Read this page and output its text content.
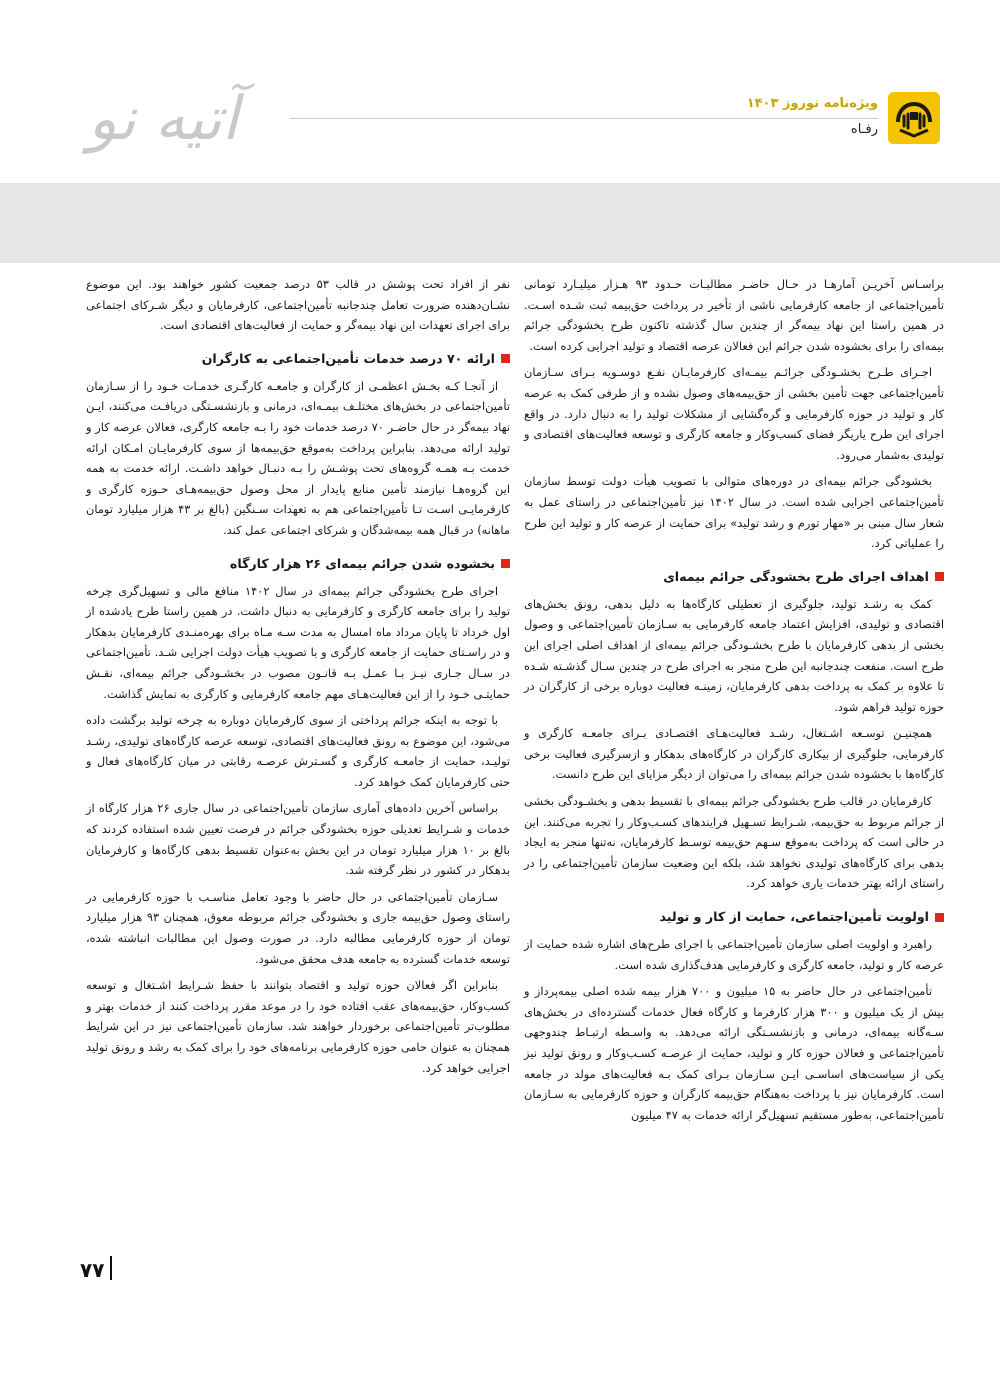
آتیه نو	ویژه‌نامه نوروز ۱۴۰۳
رفـاه

براسـاس آخریـن آمارهـا در حـال حاضـر مطالبـات حـدود ۹۳ هـزار میلیـارد تومانی تأمین‌اجتماعی از جامعه کارفرمایی ناشی از تأخیر در پرداخت حق‌بیمه ثبت شـده اسـت. در همین راستا این نهاد بیمه‌گر از چندین سال گذشته تاکنون طرح بخشودگی جرائم بیمه‌ای را برای بخشوده شدن جرائم این فعالان عرصه اقتصاد و تولید اجرایی کرده است.

اجـرای طـرح بخشـودگی جرائـم بیمـه‌ای کارفرمایـان نفـع دوسـویه بـرای سـازمان تأمین‌اجتماعی جهت تأمین بخشی از حق‌بیمه‌های وصول نشده و از طرفی کمک به عرصه کار و تولید در حوزه کارفرمایی و گره‌گشایی از مشکلات تولید را به دنبال دارد. در واقع اجرای این طرح یاریگر فضای کسب‌وکار و جامعه کارگری و توسعه فعالیت‌های اقتصادی و تولیدی به‌شمار می‌رود.

بخشودگی جرائم بیمه‌ای در دوره‌های متوالی با تصویب هیأت‌ دولت توسط سازمان تأمین‌اجتماعی اجرایی شده است. در سال ۱۴۰۲ نیز تأمین‌اجتماعی در راستای عمل به شعار سال مبنی بر «مهار تورم و رشد تولید» برای حمایت از عرصه کار و تولید این طرح را عملیاتی کرد.

اهداف اجرای طرح بخشودگی جرائم بیمه‌ای

کمک به رشـد تولید، جلوگیری از تعطیلی کارگاه‌ها به دلیل بدهی، رونق بخش‌های اقتصادی و تولیدی، افزایش اعتماد جامعه کارفرمایی به سـازمان تأمین‌اجتماعی و وصول بخشی از بدهی کارفرمایان با طرح بخشـودگی جرائم بیمه‌ای از اهداف اصلی اجرای این طرح است. منفعت چندجانبه این طرح منجر به اجرای طرح در چندین سـال گذشـته شـده تا علاوه بر کمک به پرداخت بدهی کارفرمایان، زمینـه فعالیت دوباره برخی از کارگران در حوزه تولید فراهم شود.

همچنیـن توسـعه اشـتغال، رشـد فعالیت‌هـای اقتصـادی بـرای جامعـه کارگری و کارفرمایی، جلوگیری از بیکاری کارگران در کارگاه‌های بدهکار و ازسرگیری فعالیت برخی کارگاه‌ها با بخشوده شدن جرائم بیمه‌ای را می‌توان از دیگر مزایای این طرح دانست.

کارفرمایان در قالب طرح بخشودگی جرائم بیمه‌ای با تقسیط بدهی و بخشـودگی بخشی از جرائم مربوط به حق‌بیمه، شـرایط تسـهیل فرایندهای کسـب‌وکار را تجربه می‌کنند. این در حالی است که پرداخت به‌موقع سـهم حق‌بیمه توسـط کارفرمایان، نه‌تنها منجر به ایجاد بدهی برای کارگاه‌های تولیدی نخواهد شد، بلکه این وضعیت سازمان تأمین‌اجتماعی را در راستای ارائه بهتر خدمات یاری خواهد کرد.

اولویت تأمین‌اجتماعی، حمایت از کار و تولید

راهبرد و اولویت اصلی سازمان تأمین‌اجتماعی با اجرای طرح‌های اشاره شده حمایت از عرصه کار و تولید، جامعه کارگری و کارفرمایی هدف‌گذاری شده است.

تأمین‌اجتماعی در حال حاضر به ۱۵ میلیون و ۷۰۰ هزار بیمه شده اصلی بیمه‌پرداز و بیش از یک میلیون و ۳۰۰ هزار کارفرما و کارگاه فعال خدمات گسترده‌ای در بخش‌های سـه‌گانه بیمه‌ای، درمانی و بازنشسـتگی ارائه می‌دهد. به واسـطه ارتبـاط چندوجهی تأمین‌اجتماعی و فعالان حوزه کار و تولید، حمایت از عرصـه کسـب‌وکار و رونق تولید نیز یکی از سیاست‌های اساسـی ایـن سـازمان بـرای کمک بـه فعالیت‌های مولد در جامعه است. کارفرمایان نیز با پرداخت به‌هنگام حق‌بیمه کارگران و حوزه کارفرمایی به سـازمان تأمین‌اجتماعی، به‌طور مستقیم تسهیل‌گر ارائه خدمات به ۴۷ میلیون

نفر از افراد تحت پوشش در قالب ۵۳ درصد جمعیت کشور خواهند بود. این موضوع نشـان‌دهنده ضرورت تعامل چندجانبه تأمین‌اجتماعی، کارفرمایان و دیگر شـرکای اجتماعی برای اجرای تعهدات این نهاد بیمه‌گر و حمایت از فعالیت‌های اقتصادی است.

ارائه ۷۰ درصد خدمات تأمین‌اجتماعی به کارگران

از آنجـا کـه بخـش اعظمـی از کارگران و جامعـه کارگـری خدمـات خـود را از سـازمان تأمین‌اجتماعی در بخش‌های مختلـف بیمـه‌ای، درمانی و بازنشسـتگی دریافـت می‌کنند، ایـن نهاد بیمه‌گر در حال حاضـر ۷۰ درصد خدمات خود را بـه جامعه کارگری، فعالان عرصه کار و تولید ارائه می‌دهد. بنابراین پرداخت به‌موقع حق‌بیمه‌ها از سوی کارفرمایـان امـکان ارائه خدمت بـه همـه گروه‌های تحت پوشـش را بـه دنبـال خواهد داشـت. ارائه خدمت به همه این گروه‌هـا نیازمند تأمین منابع پایدار از محل وصول حق‌بیمه‌هـای حـوزه کارگری و کارفرمایـی اسـت تـا تأمین‌اجتماعی هم به تعهدات سـنگین (بالغ بر ۴۳ هزار میلیارد تومان ماهانه) در قبال همه بیمه‌شدگان و شرکای اجتماعی عمل کند.

بخشوده شدن جرائم بیمه‌ای ۲۶ هزار کارگاه

اجرای طرح بخشودگی جرائم بیمه‌ای در سال ۱۴۰۲ منافع مالی و تسهیل‌گری چرخه تولید را برای جامعه کارگری و کارفرمایی به دنبال داشت. در همین راستا طرح یادشده از اول خرداد تا پایان مرداد ماه امسال به مدت سـه مـاه برای بهره‌منـدی کارفرمایان بدهکار و در راسـتای حمایت از جامعه کارگری و با تصویب هیأت دولت اجرایی شـد. تأمین‌اجتماعی در سـال جـاری نیـز بـا عمـل بـه قانـون مصوب در بخشـودگی جرائم بیمه‌ای، نقـش حمایتـی خـود را از این فعالیت‌هـای مهم جامعه کارفرمایی و کارگری به نمایش گذاشت.

با توجه به اینکه جرائم پرداختی از سوی کارفرمایان دوباره به چرخه تولید برگشت داده می‌شود، این موضوع به رونق فعالیت‌های اقتصادی، توسعه عرصه کارگاه‌های تولیدی، رشـد تولیـد، حمایت از جامعـه کارگری و گسـترش عرصـه رقابتی در میان کارگاه‌های فعال و حتی کارفرمایان کمک خواهد کرد.

براساس آخرین داده‌های آماری سازمان تأمین‌اجتماعی در سال جاری ۲۶ هزار کارگاه از خدمات و شـرایط تعدیلی حوزه بخشودگی جرائم در فرصت تعیین شده استفاده کردند که بالغ بر ۱۰ هزار میلیارد تومان در این بخش به‌عنوان تقسیط بدهی کارگاه‌ها و کارفرمایان بدهکار در کشور در نظر گرفته شد.

سـازمان تأمین‌اجتماعی در حال حاضر با وجود تعامل مناسـب با حوزه کارفرمایی در راستای وصول حق‌بیمه جاری و بخشودگی جرائم مربوطه معوق، همچنان ۹۳ هزار میلیارد تومان از حوزه کارفرمایی مطالبه دارد. در صورت وصول این مطالبات انباشته شده، توسعه خدمات گسترده به جامعه هدف محقق می‌شود.

بنابراین اگر فعالان حوزه تولید و اقتصاد بتوانند با حفظ شـرایط اشـتغال و توسعه کسب‌وکار، حق‌بیمه‌های عقب افتاده خود را در موعد مقرر پرداخت کنند از خدمات بهتر و مطلوب‌تر تأمین‌اجتماعی برخوردار خواهند شد. سازمان تأمین‌اجتماعی نیز در این شرایط همچنان به عنوان حامی حوزه کارفرمایی برنامه‌های خود را برای کمک به رشد و رونق تولید اجرایی خواهد کرد.

۷۷
